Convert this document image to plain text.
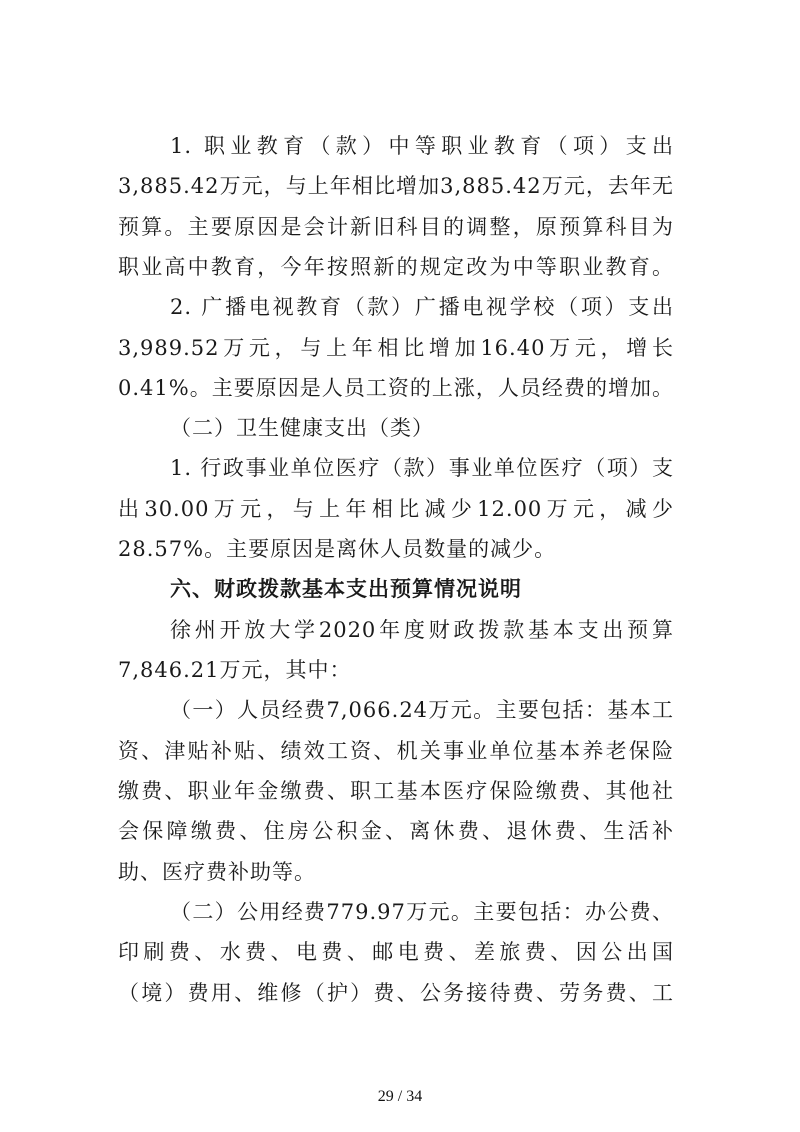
1. 职业教育（款）中等职业教育（项）支出
3,885.42万元，与上年相比增加3,885.42万元，去年无
预算。主要原因是会计新旧科目的调整，原预算科目为
职业高中教育，今年按照新的规定改为中等职业教育。
2. 广播电视教育（款）广播电视学校（项）支出
3,989.52万元，与上年相比增加16.40万元，增长
0.41%。主要原因是人员工资的上涨，人员经费的增加。
（二）卫生健康支出（类）
1. 行政事业单位医疗（款）事业单位医疗（项）支
出30.00万元，与上年相比减少12.00万元，减少
28.57%。主要原因是离休人员数量的减少。
徐州开放大学2020年度财政拨款基本支出预算
7,846.21万元，其中：
（一）人员经费7,066.24万元。主要包括：基本工
资、津贴补贴、绩效工资、机关事业单位基本养老保险
缴费、职业年金缴费、职工基本医疗保险缴费、其他社
会保障缴费、住房公积金、离休费、退休费、生活补
助、医疗费补助等。
（二）公用经费779.97万元。主要包括：办公费、
印刷费、水费、电费、邮电费、差旅费、因公出国
（境）费用、维修（护）费、公务接待费、劳务费、工
六、财政拨款基本支出预算情况说明
29 / 34
